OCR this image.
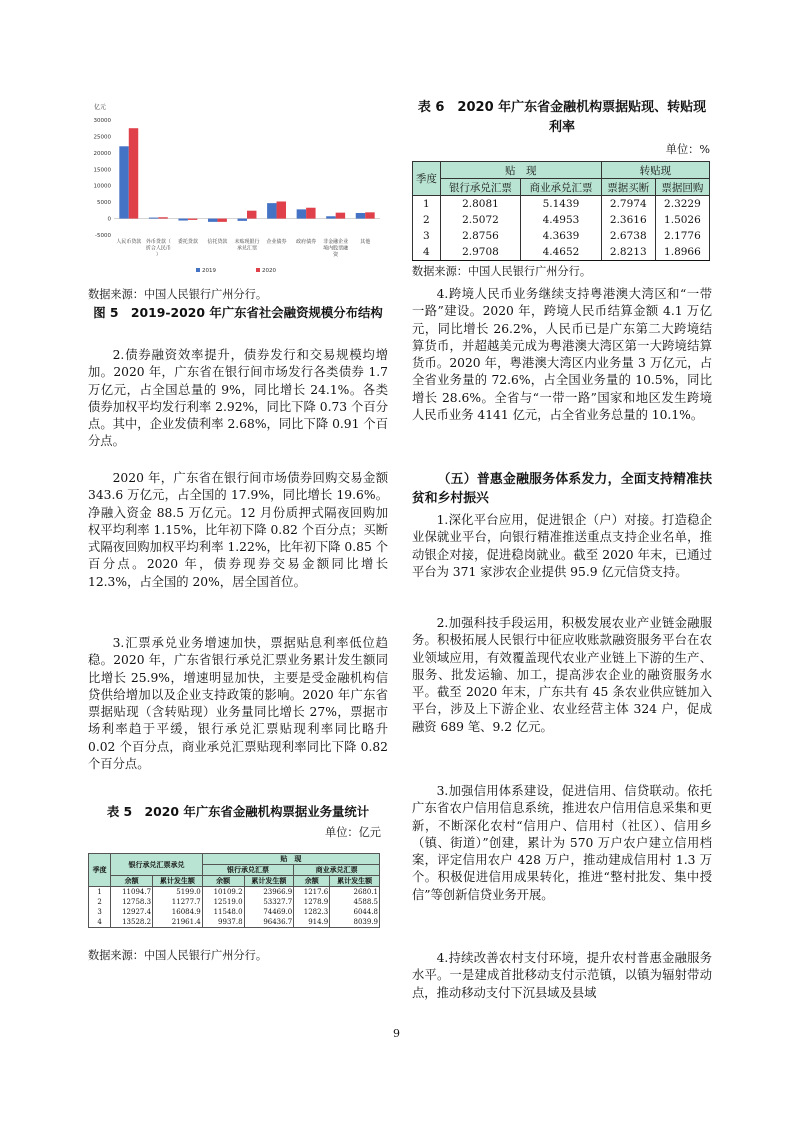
亿元
30000
25000
20000
15000
10000
5000
0
-5000
人民币贷款 外币贷款（折合人民币）
委托贷款 信托贷款 未贴现银行承兑汇票
企业债券 政府债券 非金融企业境内股票融资
其他
2019	2020

数据来源：中国人民银行广州分行。

图 5　2019-2020 年广东省社会融资规模分布结构

2.债券融资效率提升，债券发行和交易规模均增加。2020 年，广东省在银行间市场发行各类债券 1.7 万亿元，占全国总量的 9%，同比增长 24.1%。各类债券加权平均发行利率 2.92%，同比下降 0.73 个百分点。其中，企业发债利率 2.68%，同比下降 0.91 个百分点。

2020 年，广东省在银行间市场债券回购交易金额 343.6 万亿元，占全国的 17.9%，同比增长 19.6%。净融入资金 88.5 万亿元。12 月份质押式隔夜回购加权平均利率 1.15%，比年初下降 0.82 个百分点；买断式隔夜回购加权平均利率 1.22%，比年初下降 0.85 个百分点。2020 年，债券现券交易金额同比增长 12.3%，占全国的 20%，居全国首位。

3.汇票承兑业务增速加快，票据贴息利率低位趋稳。2020 年，广东省银行承兑汇票业务累计发生额同比增长 25.9%，增速明显加快，主要是受金融机构信贷供给增加以及企业支持政策的影响。2020 年广东省票据贴现（含转贴现）业务量同比增长 27%，票据市场利率趋于平缓，银行承兑汇票贴现利率同比略升 0.02 个百分点，商业承兑汇票贴现利率同比下降 0.82 个百分点。

表 5　2020 年广东省金融机构票据业务量统计

单位：亿元

季度	银行承兑汇票承兑		贴　现			
			银行承兑汇票		商业承兑汇票	
	余额	累计发生额	余额	累计发生额	余额	累计发生额
1	11094.7	5199.0	10109.2	23966.9	1217.6	2680.1
2	12758.3	11277.7	12519.0	53327.7	1278.9	4588.5
3	12927.4	16084.9	11548.0	74469.0	1282.3	6044.8
4	13528.2	21961.4	9937.8	96436.7	914.9	8039.9

数据来源：中国人民银行广州分行。

表 6　2020 年广东省金融机构票据贴现、转贴现利率

单位：%

季度	贴　现		转贴现	
	银行承兑汇票	商业承兑汇票	票据买断	票据回购
1	2.8081	5.1439	2.7974	2.3229
2	2.5072	4.4953	2.3616	1.5026
3	2.8756	4.3639	2.6738	2.1776
4	2.9708	4.4652	2.8213	1.8966

数据来源：中国人民银行广州分行。

4.跨境人民币业务继续支持粤港澳大湾区和“一带一路”建设。2020 年，跨境人民币结算金额 4.1 万亿元，同比增长 26.2%，人民币已是广东第二大跨境结算货币，并超越美元成为粤港澳大湾区第一大跨境结算货币。2020 年，粤港澳大湾区内业务量 3 万亿元，占全省业务量的 72.6%，占全国业务量的 10.5%，同比增长 28.6%。全省与“一带一路”国家和地区发生跨境人民币业务 4141 亿元，占全省业务总量的 10.1%。

（五）普惠金融服务体系发力，全面支持精准扶贫和乡村振兴

1.深化平台应用，促进银企（户）对接。打造稳企业保就业平台，向银行精准推送重点支持企业名单，推动银企对接，促进稳岗就业。截至 2020 年末，已通过平台为 371 家涉农企业提供 95.9 亿元信贷支持。

2.加强科技手段运用，积极发展农业产业链金融服务。积极拓展人民银行中征应收账款融资服务平台在农业领域应用，有效覆盖现代农业产业链上下游的生产、服务、批发运输、加工，提高涉农企业的融资服务水平。截至 2020 年末，广东共有 45 条农业供应链加入平台，涉及上下游企业、农业经营主体 324 户，促成融资 689 笔、9.2 亿元。

3.加强信用体系建设，促进信用、信贷联动。依托广东省农户信用信息系统，推进农户信用信息采集和更新，不断深化农村“信用户、信用村（社区）、信用乡（镇、街道）”创建，累计为 570 万户农户建立信用档案，评定信用农户 428 万户，推动建成信用村 1.3 万个。积极促进信用成果转化，推进“整村批发、集中授信”等创新信贷业务开展。

4.持续改善农村支付环境，提升农村普惠金融服务水平。一是建成首批移动支付示范镇，以镇为辐射带动点，推动移动支付下沉县域及县域

9
